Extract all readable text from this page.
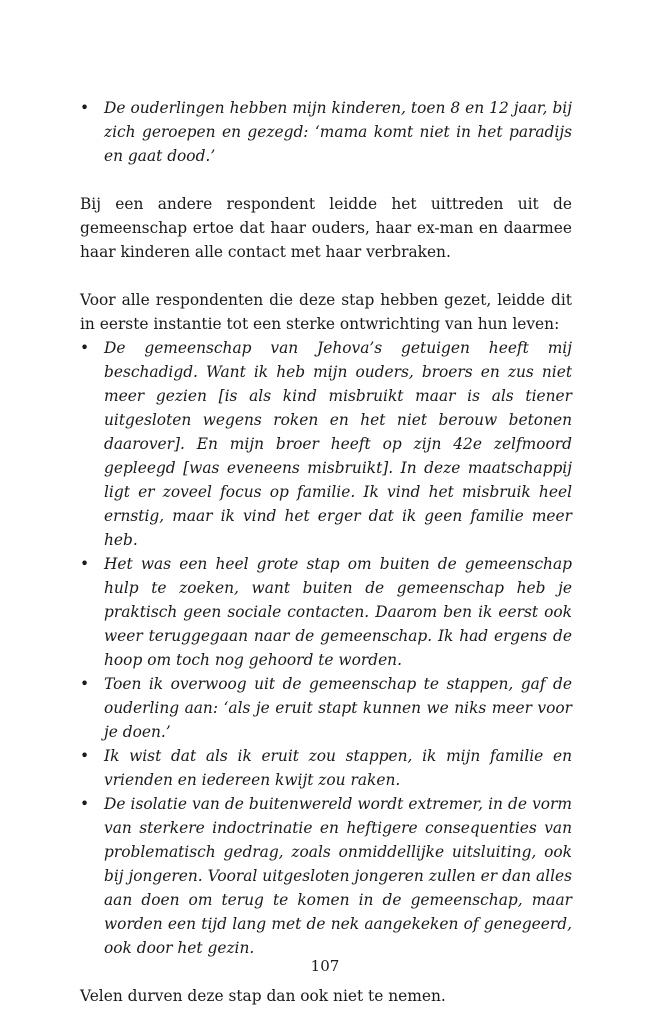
• De ouderlingen hebben mijn kinderen, toen 8 en 12 jaar, bij zich geroepen en gezegd: ‘mama komt niet in het paradijs en gaat dood.’

Bij een andere respondent leidde het uittreden uit de gemeenschap ertoe dat haar ouders, haar ex-man en daarmee haar kinderen alle contact met haar verbraken.

Voor alle respondenten die deze stap hebben gezet, leidde dit in eerste instantie tot een sterke ontwrichting van hun leven:

• De gemeenschap van Jehova’s getuigen heeft mij beschadigd. Want ik heb mijn ouders, broers en zus niet meer gezien [is als kind misbruikt maar is als tiener uitgesloten wegens roken en het niet berouw betonen daarover]. En mijn broer heeft op zijn 42e zelfmoord gepleegd [was eveneens misbruikt]. In deze maatschappij ligt er zoveel focus op familie. Ik vind het misbruik heel ernstig, maar ik vind het erger dat ik geen familie meer heb.
• Het was een heel grote stap om buiten de gemeenschap hulp te zoeken, want buiten de gemeenschap heb je praktisch geen sociale contacten. Daarom ben ik eerst ook weer teruggegaan naar de gemeenschap. Ik had ergens de hoop om toch nog gehoord te worden.
• Toen ik overwoog uit de gemeenschap te stappen, gaf de ouderling aan: ‘als je eruit stapt kunnen we niks meer voor je doen.’
• Ik wist dat als ik eruit zou stappen, ik mijn familie en vrienden en iedereen kwijt zou raken.
• De isolatie van de buitenwereld wordt extremer, in de vorm van sterkere indoctrinatie en heftigere consequenties van problematisch gedrag, zoals onmiddellijke uitsluiting, ook bij jongeren. Vooral uitgesloten jongeren zullen er dan alles aan doen om terug te komen in de gemeenschap, maar worden een tijd lang met de nek aangekeken of genegeerd, ook door het gezin.

Velen durven deze stap dan ook niet te nemen.

107
